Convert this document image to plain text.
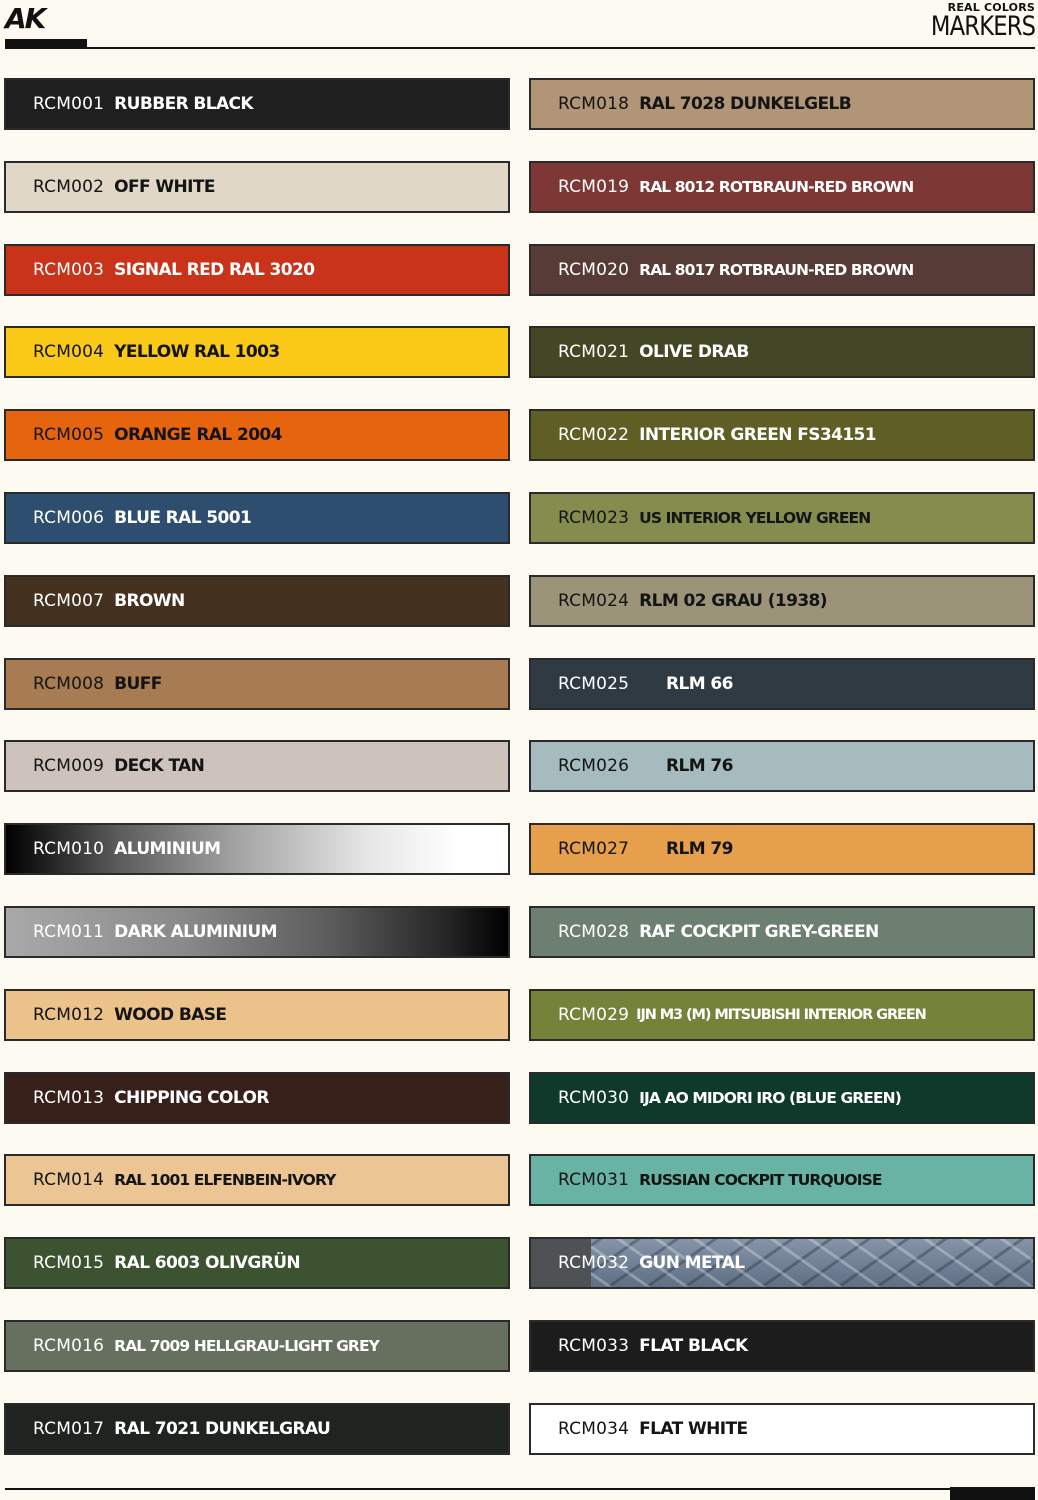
AK	REAL COLORS
MARKERS
RCM001 RUBBER BLACK
RCM002 OFF WHITE
RCM003 SIGNAL RED RAL 3020
RCM004 YELLOW RAL 1003
RCM005 ORANGE RAL 2004
RCM006 BLUE RAL 5001
RCM007 BROWN
RCM008 BUFF
RCM009 DECK TAN
RCM010 ALUMINIUM
RCM011 DARK ALUMINIUM
RCM012 WOOD BASE
RCM013 CHIPPING COLOR
RCM014 RAL 1001 ELFENBEIN-IVORY
RCM015 RAL 6003 OLIVGRÜN
RCM016 RAL 7009 HELLGRAU-LIGHT GREY
RCM017 RAL 7021 DUNKELGRAU
RCM018 RAL 7028 DUNKELGELB
RCM019 RAL 8012 ROTBRAUN-RED BROWN
RCM020 RAL 8017 ROTBRAUN-RED BROWN
RCM021 OLIVE DRAB
RCM022 INTERIOR GREEN FS34151
RCM023 US INTERIOR YELLOW GREEN
RCM024 RLM 02 GRAU (1938)
RCM025	RLM 66
RCM026	RLM 76
RCM027	RLM 79
RCM028 RAF COCKPIT GREY-GREEN
RCM029 IJN M3 (M) MITSUBISHI INTERIOR GREEN
RCM030 IJA AO MIDORI IRO (BLUE GREEN)
RCM031 RUSSIAN COCKPIT TURQUOISE
RCM032 GUN METAL
RCM033 FLAT BLACK
RCM034 FLAT WHITE
